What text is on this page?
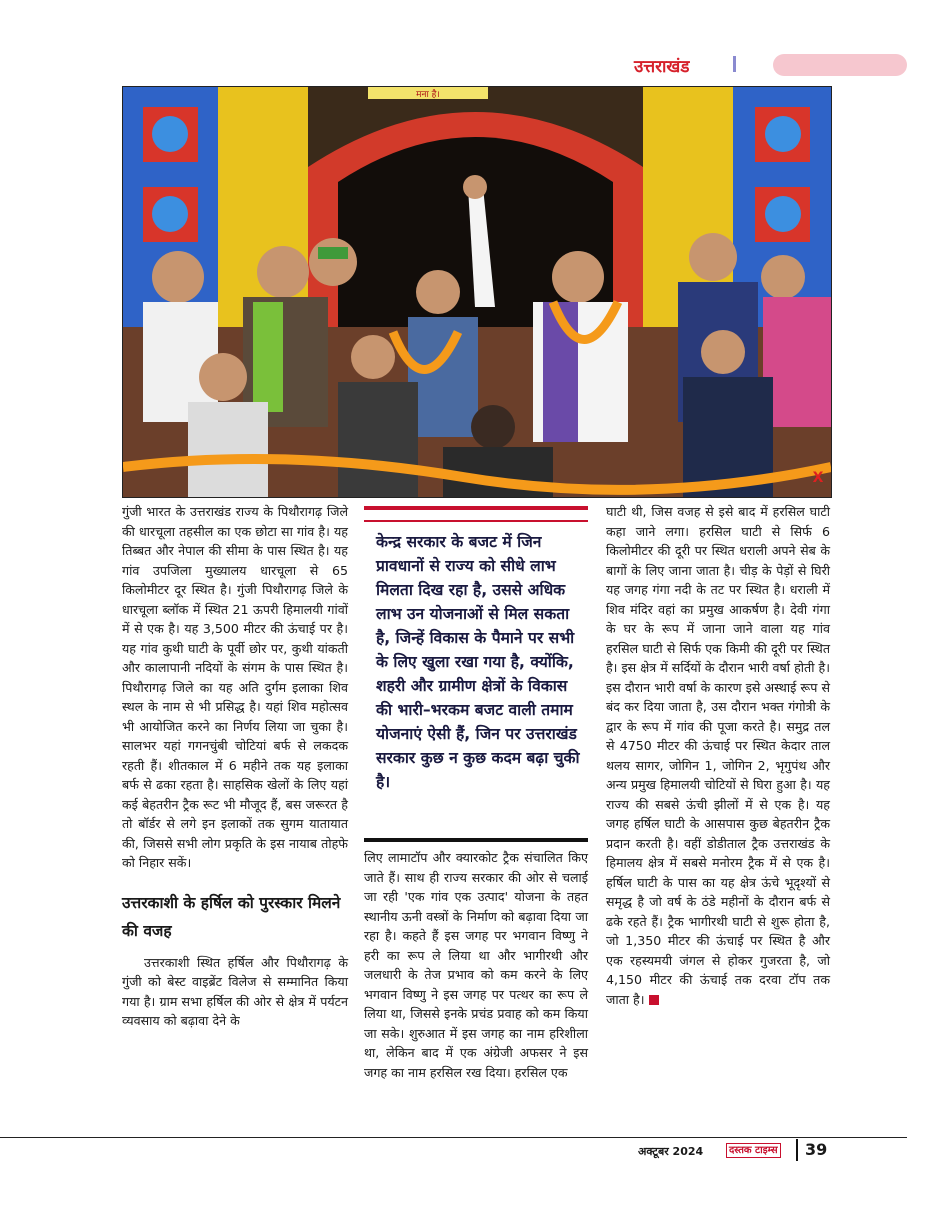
उत्तराखंड
मना है।
X

गुंजी भारत के उत्तराखंड राज्य के पिथौरागढ़ जिले की धारचूला तहसील का एक छोटा सा गांव है। यह तिब्बत और नेपाल की सीमा के पास स्थित है। यह गांव उपजिला मुख्यालय धारचूला से 65 किलोमीटर दूर स्थित है। गुंजी पिथौरागढ़ जिले के धारचूला ब्लॉक में स्थित 21 ऊपरी हिमालयी गांवों में से एक है। यह 3,500 मीटर की ऊंचाई पर है। यह गांव कुथी घाटी के पूर्वी छोर पर, कुथी यांकती और कालापानी नदियों के संगम के पास स्थित है। पिथौरागढ़ जिले का यह अति दुर्गम इलाका शिव स्थल के नाम से भी प्रसिद्ध है। यहां शिव महोत्सव भी आयोजित करने का निर्णय लिया जा चुका है। सालभर यहां गगनचुंबी चोटियां बर्फ से लकदक रहती हैं। शीतकाल में 6 महीने तक यह इलाका बर्फ से ढका रहता है। साहसिक खेलों के लिए यहां कई बेहतरीन ट्रैक रूट भी मौजूद हैं, बस जरूरत है तो बॉर्डर से लगे इन इलाकों तक सुगम यातायात की, जिससे सभी लोग प्रकृति के इस नायाब तोहफे को निहार सकें।

उत्तरकाशी के हर्षिल को पुरस्कार मिलने की वजह

उत्तरकाशी स्थित हर्षिल और पिथौरागढ़ के गुंजी को बेस्ट वाइब्रेंट विलेज से सम्मानित किया गया है। ग्राम सभा हर्षिल की ओर से क्षेत्र में पर्यटन व्यवसाय को बढ़ावा देने के

केन्द्र सरकार के बजट में जिन प्रावधानों से राज्य को सीधे लाभ मिलता दिख रहा है, उससे अधिक लाभ उन योजनाओं से मिल सकता है, जिन्हें विकास के पैमाने पर सभी के लिए खुला रखा गया है, क्योंकि, शहरी और ग्रामीण क्षेत्रों के विकास की भारी–भरकम बजट वाली तमाम योजनाएं ऐसी हैं, जिन पर उत्तराखंड सरकार कुछ न कुछ कदम बढ़ा चुकी है।

लिए लामाटॉप और क्यारकोट ट्रैक संचालित किए जाते हैं। साथ ही राज्य सरकार की ओर से चलाई जा रही 'एक गांव एक उत्पाद' योजना के तहत स्थानीय ऊनी वस्त्रों के निर्माण को बढ़ावा दिया जा रहा है। कहते हैं इस जगह पर भगवान विष्णु ने हरी का रूप ले लिया था और भागीरथी और जलधारी के तेज प्रभाव को कम करने के लिए भगवान विष्णु ने इस जगह पर पत्थर का रूप ले लिया था, जिससे इनके प्रचंड प्रवाह को कम किया जा सके। शुरुआत में इस जगह का नाम हरिशीला था, लेकिन बाद में एक अंग्रेजी अफसर ने इस जगह का नाम हरसिल रख दिया। हरसिल एक

घाटी थी, जिस वजह से इसे बाद में हरसिल घाटी कहा जाने लगा। हरसिल घाटी से सिर्फ 6 किलोमीटर की दूरी पर स्थित धराली अपने सेब के बागों के लिए जाना जाता है। चीड़ के पेड़ों से घिरी यह जगह गंगा नदी के तट पर स्थित है। धराली में शिव मंदिर वहां का प्रमुख आकर्षण है। देवी गंगा के घर के रूप में जाना जाने वाला यह गांव हरसिल घाटी से सिर्फ एक किमी की दूरी पर स्थित है। इस क्षेत्र में सर्दियों के दौरान भारी वर्षा होती है। इस दौरान भारी वर्षा के कारण इसे अस्थाई रूप से बंद कर दिया जाता है, उस दौरान भक्त गंगोत्री के द्वार के रूप में गांव की पूजा करते है। समुद्र तल से 4750 मीटर की ऊंचाई पर स्थित केदार ताल थलय सागर, जोगिन 1, जोगिन 2, भृगुपंथ और अन्य प्रमुख हिमालयी चोटियों से घिरा हुआ है। यह राज्य की सबसे ऊंची झीलों में से एक है। यह जगह हर्षिल घाटी के आसपास कुछ बेहतरीन ट्रैक प्रदान करती है। वहीं डोडीताल ट्रैक उत्तराखंड के हिमालय क्षेत्र में सबसे मनोरम ट्रैक में से एक है। हर्षिल घाटी के पास का यह क्षेत्र ऊंचे भूदृश्यों से समृद्ध है जो वर्ष के ठंडे महीनों के दौरान बर्फ से ढके रहते हैं। ट्रैक भागीरथी घाटी से शुरू होता है, जो 1,350 मीटर की ऊंचाई पर स्थित है और एक रहस्यमयी जंगल से होकर गुजरता है, जो 4,150 मीटर की ऊंचाई तक दरवा टॉप तक जाता है।

अक्टूबर 2024	दस्तक टाइम्स 39
